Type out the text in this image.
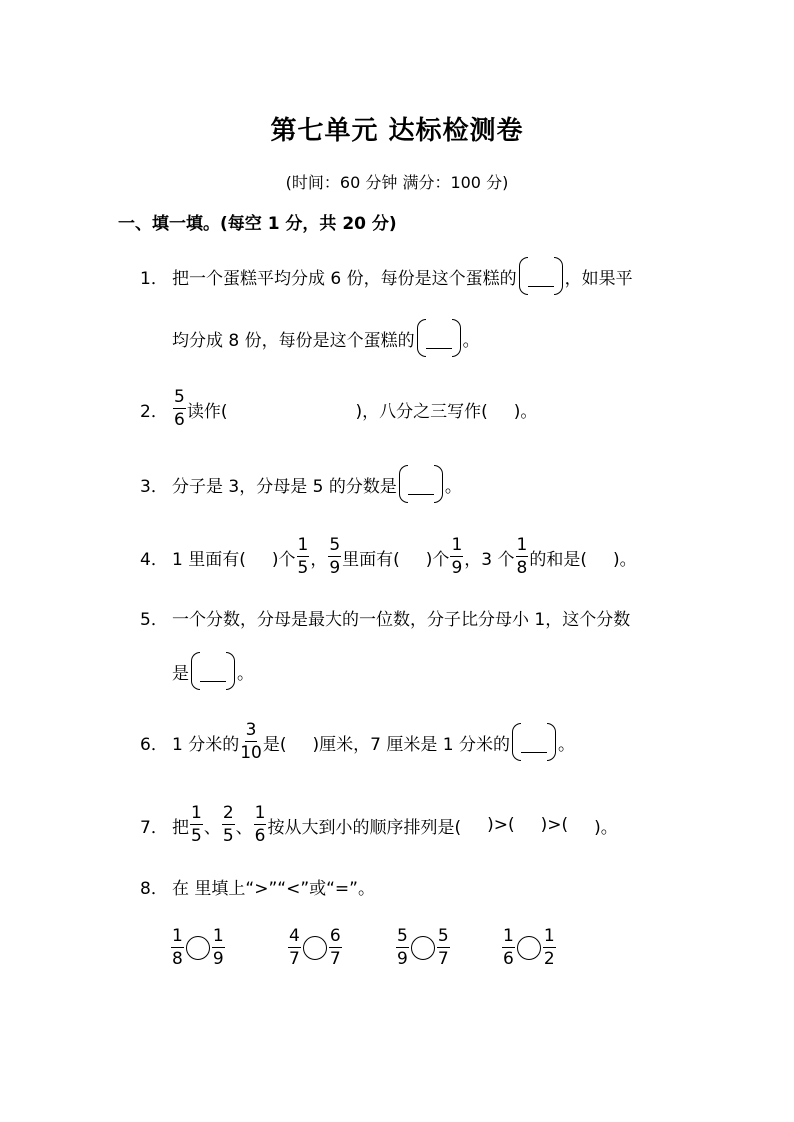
第七单元 达标检测卷
(时间：60 分钟 满分：100 分)
一、填一填。(每空 1 分，共 20 分)
1． 把一个蛋糕平均分成 6 份，每份是这个蛋糕的	，如果平
均分成 8 份，每份是这个蛋糕的	。
2． $\frac{5}{6}$ 读作(	)，八分之三写作( )。
3． 分子是 3，分母是 5 的分数是	。
4． 1 里面有( )个 $\frac{1}{5}$ ， $\frac{5}{9}$ 里面有( )个 $\frac{1}{9}$ ，3 个 $\frac{1}{8}$ 的和是( )。
5． 一个分数，分母是最大的一位数，分子比分母小 1，这个分数
是	。
6． 1 分米的 $\frac{3}{10}$ 是( )厘米，7 厘米是 1 分米的	。
7． 把 $\frac{1}{5}$ 、 $\frac{2}{5}$ 、 $\frac{1}{6}$ 按从大到小的顺序排列是( )>( )>( )。
8． 在 里填上“>”“<”或“=”。
$\frac{1}{8} \frac{1}{9}$	$\frac{4}{7} \frac{6}{7}$	$\frac{5}{9} \frac{5}{7}$	$\frac{1}{6} \frac{1}{2}$
